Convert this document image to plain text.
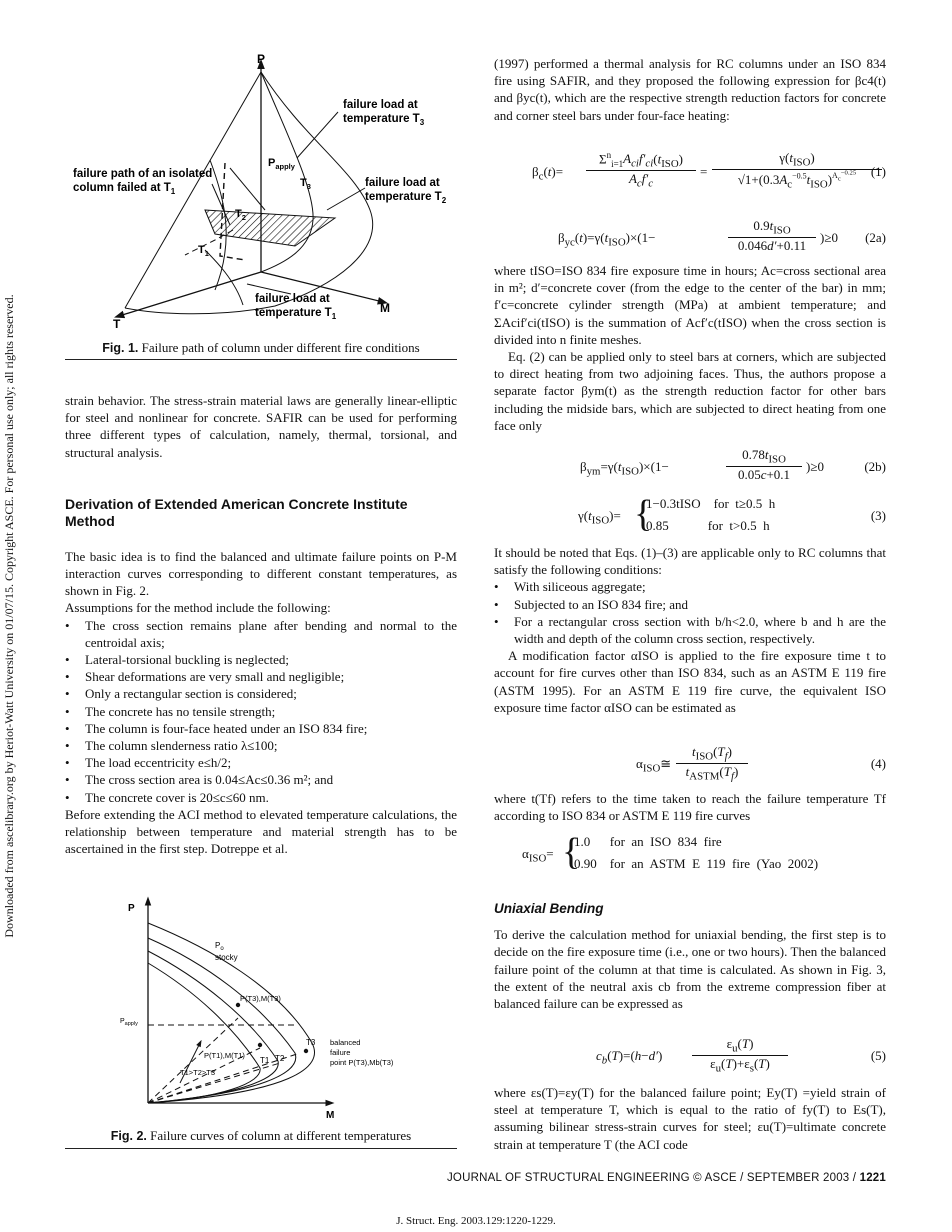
Downloaded from ascelibrary.org by Heriot-Watt University on 01/07/15. Copyright ASCE. For personal use only; all rights reserved.
P
T
M
failure load at
temperature $T_3$
failure load at
temperature $T_2$
failure load at
temperature $T_1$
failure path of an isolated
column failed at $T_1$
$P_{apply}$
$T_3$
$T_2$
$T_1$
Fig. 1. Failure path of column under different fire conditions

strain behavior. The stress-strain material laws are generally linear-elliptic for steel and nonlinear for concrete. SAFIR can be used for performing three different types of calculation, namely, thermal, torsional, and structural analysis.

Derivation of Extended American Concrete Institute Method

The basic idea is to find the balanced and ultimate failure points on P-M interaction curves corresponding to different constant temperatures, as shown in Fig. 2.

Assumptions for the method include the following:

• The cross section remains plane after bending and normal to the centroidal axis;
• Lateral-torsional buckling is neglected;
• Shear deformations are very small and negligible;
• Only a rectangular section is considered;
• The concrete has no tensile strength;
• The column is four-face heated under an ISO 834 fire;
• The column slenderness ratio λ≤100;
• The load eccentricity e≤h/2;
• The cross section area is 0.04≤Ac≤0.36 m²; and
• The concrete cover is 20≤c≤60 nm.

Before extending the ACI method to elevated temperature calculations, the relationship between temperature and material strength has to be ascertained in the first step. Dotreppe et al.

P
M
$P_o$
stocky
$P_{apply}$
P(T3),M(T3)
P(T1),M(T1)
T1 T2
T3
T1>T2>T3
balanced
failure
point P(T3),Mb(T3)
Fig. 2. Failure curves of column at different temperatures

(1997) performed a thermal analysis for RC columns under an ISO 834 fire using SAFIR, and they proposed the following expression for βc4(t) and βyc(t), which are the respective strength reduction factors for concrete and corner steel bars under four-face heating:

$\beta_c(t)=$
$\Sigma^n_{i=1}A_{ci}f'_{ci}(t_{ISO})$
$A_cf'_c$
=
$\gamma(t_{ISO})$
$√1+(0.3A_c^{-0.5}t_{ISO})^{A_c^{-0.25}}$	(1)
$\beta_{yc}(t)=\gamma(t_{ISO})\times(1-$
$0.9t_{ISO}$
0.046d′+0.11
)≥0 (2a)

where tISO=ISO 834 fire exposure time in hours; Ac=cross sectional area in m²; d′=concrete cover (from the edge to the center of the bar) in mm; f′c=concrete cylinder strength (MPa) at ambient temperature; and ΣAcif′ci(tISO) is the summation of Acf′c(tISO) when the cross section is divided into n finite meshes.

Eq. (2) can be applied only to steel bars at corners, which are subjected to direct heating from two adjoining faces. Thus, the authors propose a separate factor βym(t) as the strength reduction factor for other bars including the midside bars, which are subjected to direct heating from one face only

$\beta_{ym}=\gamma(t_{ISO})\times(1-$
$0.78t_{ISO}$
0.05c+0.1
)≥0	(2b)
$\gamma(t_{ISO})=$ {
1−0.3tISO    for  t≥0.5  h
0.85            for  t>0.5  h
(3)

It should be noted that Eqs. (1)–(3) are applicable only to RC columns that satisfy the following conditions:

• With siliceous aggregate;
• Subjected to an ISO 834 fire; and
• For a rectangular cross section with b/h<2.0, where b and h are the width and depth of the column cross section, respectively.

A modification factor αISO is applied to the fire exposure time t to account for fire curves other than ISO 834, such as an ASTM E 119 fire (ASTM 1995). For an ASTM E 119 fire curve, the equivalent ISO exposure time factor αISO can be estimated as

$\alpha_{ISO}≅$
$t_{ISO}(T_f)$
$t_{ASTM}(T_f)$
(4)

where t(Tf) refers to the time taken to reach the failure temperature Tf according to ISO 834 or ASTM E 119 fire curves

$\alpha_{ISO}=$ {
1.0      for  an  ISO  834  fire
0.90    for  an  ASTM  E  119  fire  (Yao  2002)
Uniaxial Bending

To derive the calculation method for uniaxial bending, the first step is to decide on the fire exposure time (i.e., one or two hours). Then the balanced failure point of the column at that time is calculated. As shown in Fig. 3, the extent of the neutral axis cb from the extreme compression fiber at balanced failure can be expressed as

$c_b(T)=(h-d') \frac{\varepsilon_u(T)}{\varepsilon_u(T)+\varepsilon_s(T)}$	(5)

where εs(T)=εy(T) for the balanced failure point; Ey(T) =yield strain of steel at temperature T, which is equal to the ratio of fy(T) to Es(T), assuming bilinear stress-strain curves for steel; εu(T)=ultimate concrete strain at temperature T (the ACI code

JOURNAL OF STRUCTURAL ENGINEERING © ASCE / SEPTEMBER 2003 / 1221
J. Struct. Eng. 2003.129:1220-1229.
